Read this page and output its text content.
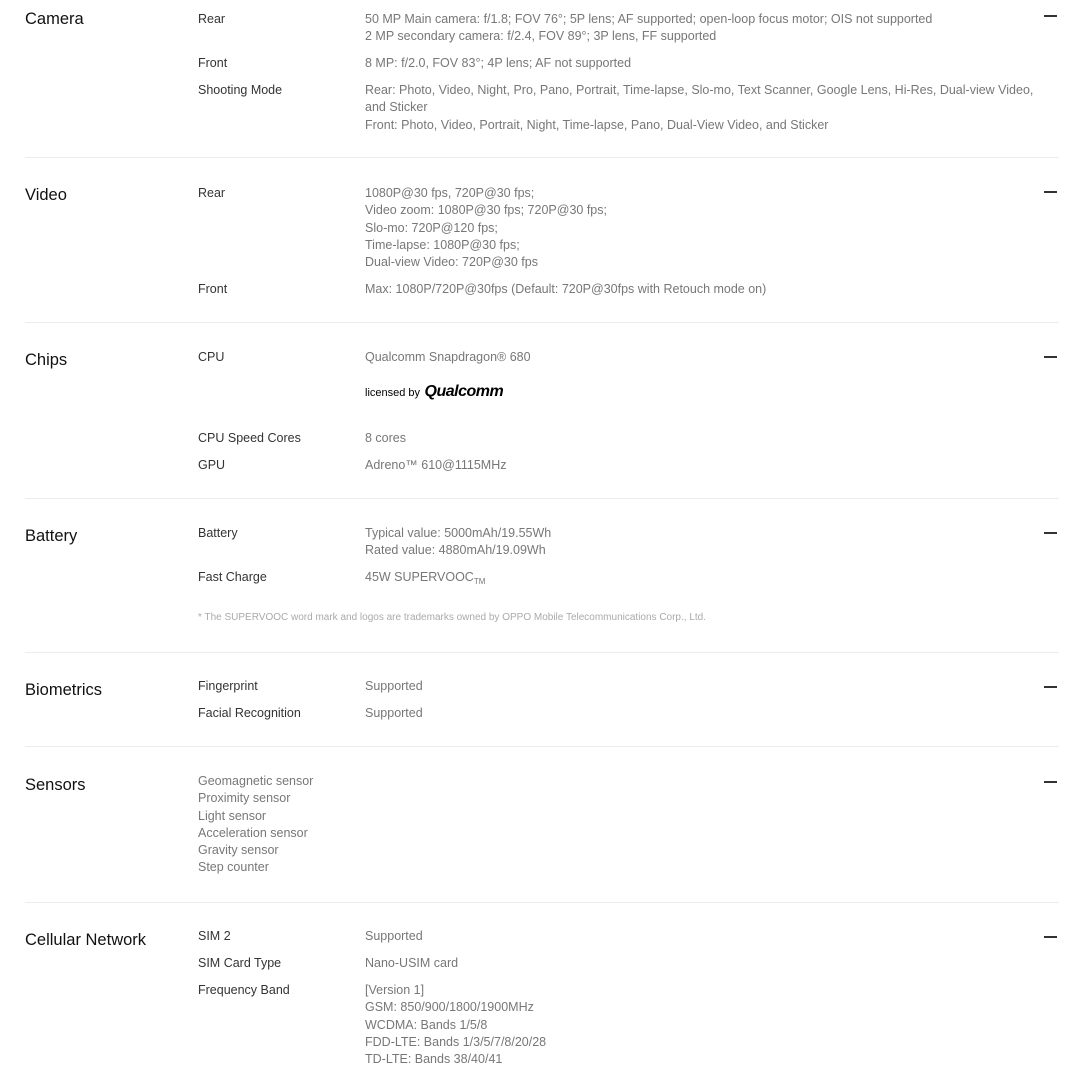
Camera	Rear	50 MP Main camera: f/1.8; FOV 76°; 5P lens; AF supported; open-loop focus motor; OIS not supported
2 MP secondary camera: f/2.4, FOV 89°; 3P lens, FF supported
Front	8 MP: f/2.0, FOV 83°; 4P lens; AF not supported
Shooting Mode	Rear: Photo, Video, Night, Pro, Pano, Portrait, Time-lapse, Slo-mo, Text Scanner, Google Lens, Hi-Res, Dual-view Video,
and Sticker
Front: Photo, Video, Portrait, Night, Time-lapse, Pano, Dual-View Video, and Sticker
Video	Rear	1080P@30 fps, 720P@30 fps;
Video zoom: 1080P@30 fps; 720P@30 fps;
Slo-mo: 720P@120 fps;
Time-lapse: 1080P@30 fps;
Dual-view Video: 720P@30 fps
Front	Max: 1080P/720P@30fps (Default: 720P@30fps with Retouch mode on)
Chips	CPU	Qualcomm Snapdragon® 680
licensed by Qualcomm
CPU Speed Cores	8 cores
GPU	Adreno™ 610@1115MHz
Battery	Battery	Typical value: 5000mAh/19.55Wh
Rated value: 4880mAh/19.09Wh
Fast Charge	45W $SUPERVOOC_{TM}$
* The SUPERVOOC word mark and logos are trademarks owned by OPPO Mobile Telecommunications Corp., Ltd.
Biometrics	Fingerprint	Supported
Facial Recognition	Supported
Sensors	Geomagnetic sensor
Proximity sensor
Light sensor
Acceleration sensor
Gravity sensor
Step counter
Cellular Network	SIM 2	Supported
SIM Card Type	Nano-USIM card
Frequency Band	[Version 1]
GSM: 850/900/1800/1900MHz
WCDMA: Bands 1/5/8
FDD-LTE: Bands 1/3/5/7/8/20/28
TD-LTE: Bands 38/40/41
